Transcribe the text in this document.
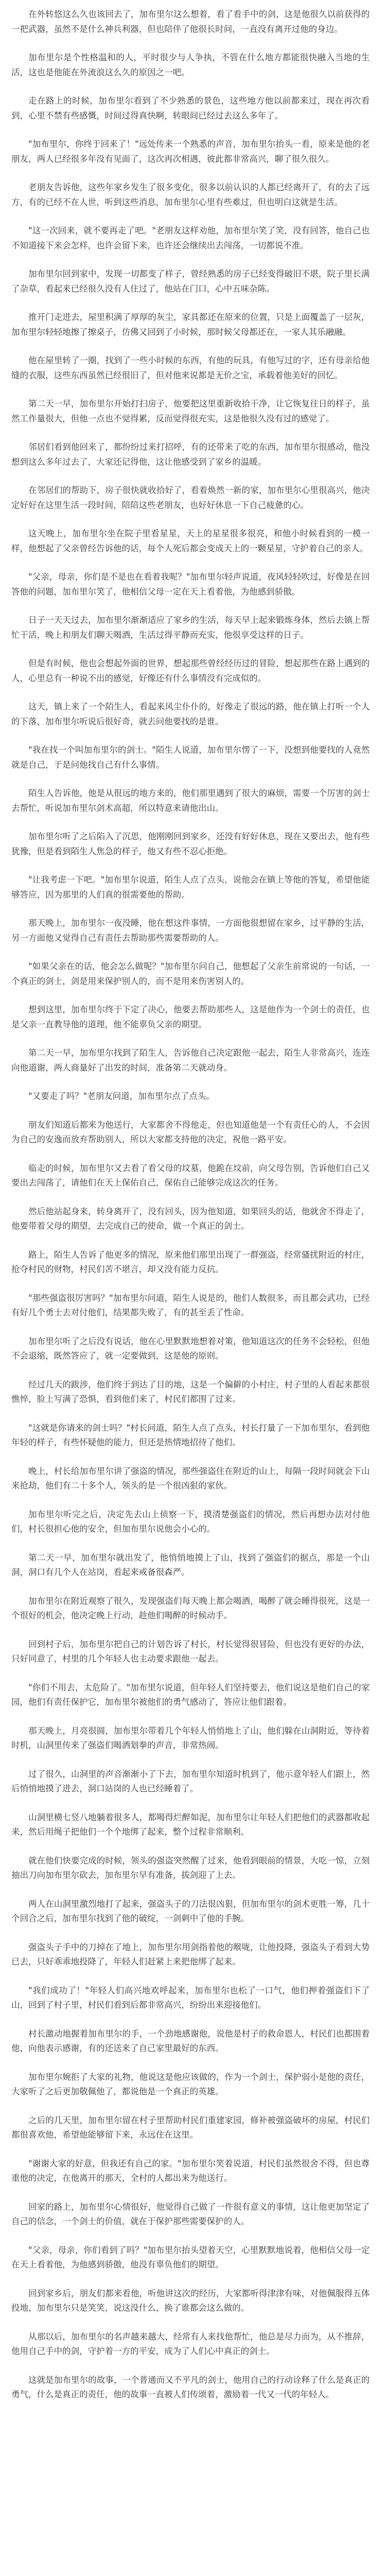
在外转悠这么久也该回去了，加布里尔这么想着，看了看手中的剑，这是他很久以前获得的一把武器，虽然不是什么神兵利器，但也陪伴了他很长时间，一直没有离开过他的身边。

加布里尔是个性格温和的人，平时很少与人争执，不管在什么地方都能很快融入当地的生活，这也是他能在外流浪这么久的原因之一吧。

走在路上的时候，加布里尔看到了不少熟悉的景色，这些地方他以前都来过，现在再次看到，心里不禁有些感慨，时间过得真快啊，转眼间已经过去这么多年了。

"加布里尔，你终于回来了！"远处传来一个熟悉的声音，加布里尔抬头一看，原来是他的老朋友，两人已经很多年没有见面了，这次再次相遇，彼此都非常高兴，聊了很久很久。

老朋友告诉他，这些年家乡发生了很多变化，很多以前认识的人都已经离开了，有的去了远方，有的已经不在人世，听到这些消息，加布里尔心里有些难过，但也明白这就是生活。

"这一次回来，就不要再走了吧。"老朋友这样劝他，加布里尔笑了笑，没有回答，他自己也不知道接下来会怎样，也许会留下来，也许还会继续出去闯荡，一切都说不准。

加布里尔回到家中，发现一切都变了样子，曾经熟悉的房子已经变得破旧不堪，院子里长满了杂草，看起来已经很久没有人住过了，他站在门口，心中五味杂陈。

推开门走进去，屋里积满了厚厚的灰尘，家具都还在原来的位置，只是上面覆盖了一层灰，加布里尔轻轻地擦了擦桌子，仿佛又回到了小时候，那时候父母都还在，一家人其乐融融。

他在屋里转了一圈，找到了一些小时候的东西，有他的玩具，有他写过的字，还有母亲给他缝的衣服，这些东西虽然已经很旧了，但对他来说都是无价之宝，承载着他美好的回忆。

第二天一早，加布里尔开始打扫房子，他要把这里重新收拾干净，让它恢复往日的样子，虽然工作量很大，但他一点也不觉得累，反而觉得很充实，这是他很久没有过的感觉了。

邻居们看到他回来了，都纷纷过来打招呼，有的还带来了吃的东西，加布里尔很感动，他没想到这么多年过去了，大家还记得他，这让他感受到了家乡的温暖。

在邻居们的帮助下，房子很快就收拾好了，看着焕然一新的家，加布里尔心里很高兴，他决定好好在这里生活一段时间，陪陪这些老朋友，也好好休息一下自己疲惫的心。

这天晚上，加布里尔坐在院子里看星星，天上的星星很多很亮，和他小时候看到的一模一样，他想起了父亲曾经告诉他的话，每个人死后都会变成天上的一颗星星，守护着自己的亲人。

"父亲，母亲，你们是不是也在看着我呢？"加布里尔轻声说道，夜风轻轻吹过，好像是在回答他的问题，加布里尔笑了，他相信父母一定在天上看着他，为他感到骄傲。

日子一天天过去，加布里尔渐渐适应了家乡的生活，每天早上起来锻炼身体，然后去镇上帮忙干活，晚上和朋友们聊天喝酒，生活过得平静而充实，他很享受这样的日子。

但是有时候，他也会想起外面的世界，想起那些曾经经历过的冒险，想起那些在路上遇到的人，心里总有一种说不出的感觉，好像还有什么事情没有完成似的。

这天，镇上来了一个陌生人，看起来风尘仆仆的，好像走了很远的路，他在镇上打听一个人的下落，加布里尔听说后很好奇，就去问他要找的是谁。

"我在找一个叫加布里尔的剑士。"陌生人说道，加布里尔愣了一下，没想到他要找的人竟然就是自己，于是问他找自己有什么事情。

陌生人告诉他，他是从很远的地方来的，他们那里遇到了很大的麻烦，需要一个厉害的剑士去帮忙，听说加布里尔剑术高超，所以特意来请他出山。

加布里尔听了之后陷入了沉思，他刚刚回到家乡，还没有好好休息，现在又要出去，他有些犹豫，但是看到陌生人焦急的样子，他又有些不忍心拒绝。

"让我考虑一下吧。"加布里尔说道，陌生人点了点头，说他会在镇上等他的答复，希望他能够答应，因为那里的人们真的很需要他的帮助。

那天晚上，加布里尔一夜没睡，他在想这件事情，一方面他很想留在家乡，过平静的生活，另一方面他又觉得自己有责任去帮助那些需要帮助的人。

"如果父亲在的话，他会怎么做呢？"加布里尔问自己，他想起了父亲生前常说的一句话，一个真正的剑士，剑是用来保护别人的，而不是用来伤害别人的。

想到这里，加布里尔终于下定了决心，他要去帮助那些人，这是他作为一个剑士的责任，也是父亲一直教导他的道理，他不能辜负父亲的期望。

第二天一早，加布里尔找到了陌生人，告诉他自己决定跟他一起去，陌生人非常高兴，连连向他道谢，两人商量好了出发的时间，准备第二天就动身。

"又要走了吗？"老朋友问道，加布里尔点了点头。

朋友们知道后都来为他送行，大家都舍不得他走，但也知道他是一个有责任心的人，不会因为自己的安逸而放弃帮助别人，所以大家都支持他的决定，祝他一路平安。

临走的时候，加布里尔又去看了看父母的坟墓，他跪在坟前，向父母告别，告诉他们自己又要出去闯荡了，请他们在天上保佑自己，保佑自己能够完成这次的任务。

然后他站起身来，转身离开了，没有回头，因为他知道，如果回头的话，他就舍不得走了，他要带着父母的期望，去完成自己的使命，做一个真正的剑士。

路上，陌生人告诉了他更多的情况，原来他们那里出现了一群强盗，经常骚扰附近的村庄，抢夺村民的财物，村民们苦不堪言，却又没有能力反抗。

"那些强盗很厉害吗？"加布里尔问道，陌生人说是的，他们人数很多，而且都会武功，已经有好几个勇士去对付他们，结果都失败了，有的甚至丢了性命。

加布里尔听了之后没有说话，他在心里默默地想着对策，他知道这次的任务不会轻松，但他不会退缩，既然答应了，就一定要做到，这是他的原则。

经过几天的跋涉，他们终于到达了目的地，这是一个偏僻的小村庄，村子里的人看起来都很憔悴，脸上写满了恐惧，看到他们来了，村民们都围了过来。

"这就是你请来的剑士吗？"村长问道，陌生人点了点头，村长打量了一下加布里尔，看到他年轻的样子，有些怀疑他的能力，但还是热情地招待了他们。

晚上，村长给加布里尔讲了强盗的情况，那些强盗住在附近的山上，每隔一段时间就会下山来抢劫，他们有二十多个人，领头的是一个很凶狠的家伙。

加布里尔听完之后，决定先去山上侦察一下，摸清楚强盗们的情况，然后再想办法对付他们，村长很担心他的安全，但加布里尔说他会小心的。

第二天一早，加布里尔就出发了，他悄悄地摸上了山，找到了强盗们的据点，那是一个山洞，洞口有几个人在站岗，看起来戒备很森严。

加布里尔在附近观察了很久，发现强盗们每天晚上都会喝酒，喝醉了就会睡得很死，这是一个很好的机会，他决定晚上行动，趁他们喝醉的时候动手。

回到村子后，加布里尔把自己的计划告诉了村长，村长觉得很冒险，但也没有更好的办法，只好同意了，村里的几个年轻人也主动要求跟他一起去。

"你们不用去，太危险了。"加布里尔说道，但年轻人们坚持要去，他们说这是他们自己的家园，他们有责任保护它，加布里尔被他们的勇气感动了，答应让他们跟着。

那天晚上，月亮很圆，加布里尔带着几个年轻人悄悄地上了山，他们躲在山洞附近，等待着时机，山洞里传来了强盗们喝酒划拳的声音，非常热闹。

过了很久，山洞里的声音渐渐小了下去，加布里尔知道时机到了，他示意年轻人们跟上，然后悄悄地摸了进去，洞口站岗的人也已经睡着了。

山洞里横七竖八地躺着很多人，都喝得烂醉如泥，加布里尔让年轻人们把他们的武器都收起来，然后用绳子把他们一个个地绑了起来，整个过程非常顺利。

就在他们快要完成的时候，领头的强盗突然醒了过来，他看到眼前的情景，大吃一惊，立刻抽出刀向加布里尔砍去，加布里尔早有准备，拔剑迎了上去。

两人在山洞里激烈地打了起来，强盗头子的刀法很凶狠，但加布里尔的剑术更胜一筹，几十个回合之后，加布里尔找到了他的破绽，一剑刺中了他的手腕。

强盗头子手中的刀掉在了地上，加布里尔用剑指着他的喉咙，让他投降，强盗头子看到大势已去，只好乖乖地投降了，年轻人们赶紧上来把他绑了起来。

"我们成功了！"年轻人们高兴地欢呼起来，加布里尔也松了一口气，他们押着强盗们下了山，回到了村子里，村民们看到后都非常高兴，纷纷出来迎接他们。

村长激动地握着加布里尔的手，一个劲地感谢他，说他是村子的救命恩人，村民们也都围着他，向他表示感谢，有的还送来了自己家里最好的东西。

加布里尔婉拒了大家的礼物，他说这是他应该做的，作为一个剑士，保护弱小是他的责任，大家听了之后更加敬佩他了，都说他是一个真正的英雄。

之后的几天里，加布里尔留在村子里帮助村民们重建家园，修补被强盗破坏的房屋，村民们都很喜欢他，希望他能够留下来，永远住在这里。

"谢谢大家的好意，但我还有自己的家。"加布里尔笑着说道，村民们虽然很舍不得，但也尊重他的决定，在他离开的那天，全村的人都出来为他送行。

回家的路上，加布里尔心情很好，他觉得自己做了一件很有意义的事情，这让他更加坚定了自己的信念，一个剑士的价值，就在于保护那些需要保护的人。

"父亲，母亲，你们看到了吗？"加布里尔抬头望着天空，心里默默地说着，他相信父母一定在天上看着他，为他感到骄傲，他没有辜负他们的期望。

回到家乡后，朋友们都来看他，听他讲这次的经历，大家都听得津津有味，对他佩服得五体投地，加布里尔只是笑笑，说这没什么，换了谁都会这么做的。

从那以后，加布里尔的名声越来越大，经常有人来找他帮忙，他总是尽力而为，从不推辞，他用自己手中的剑，守护着一方的平安，成为了人们心中真正的剑士。

这就是加布里尔的故事，一个普通而又不平凡的剑士，他用自己的行动诠释了什么是真正的勇气，什么是真正的责任，他的故事一直被人们传颂着，激励着一代又一代的年轻人。
